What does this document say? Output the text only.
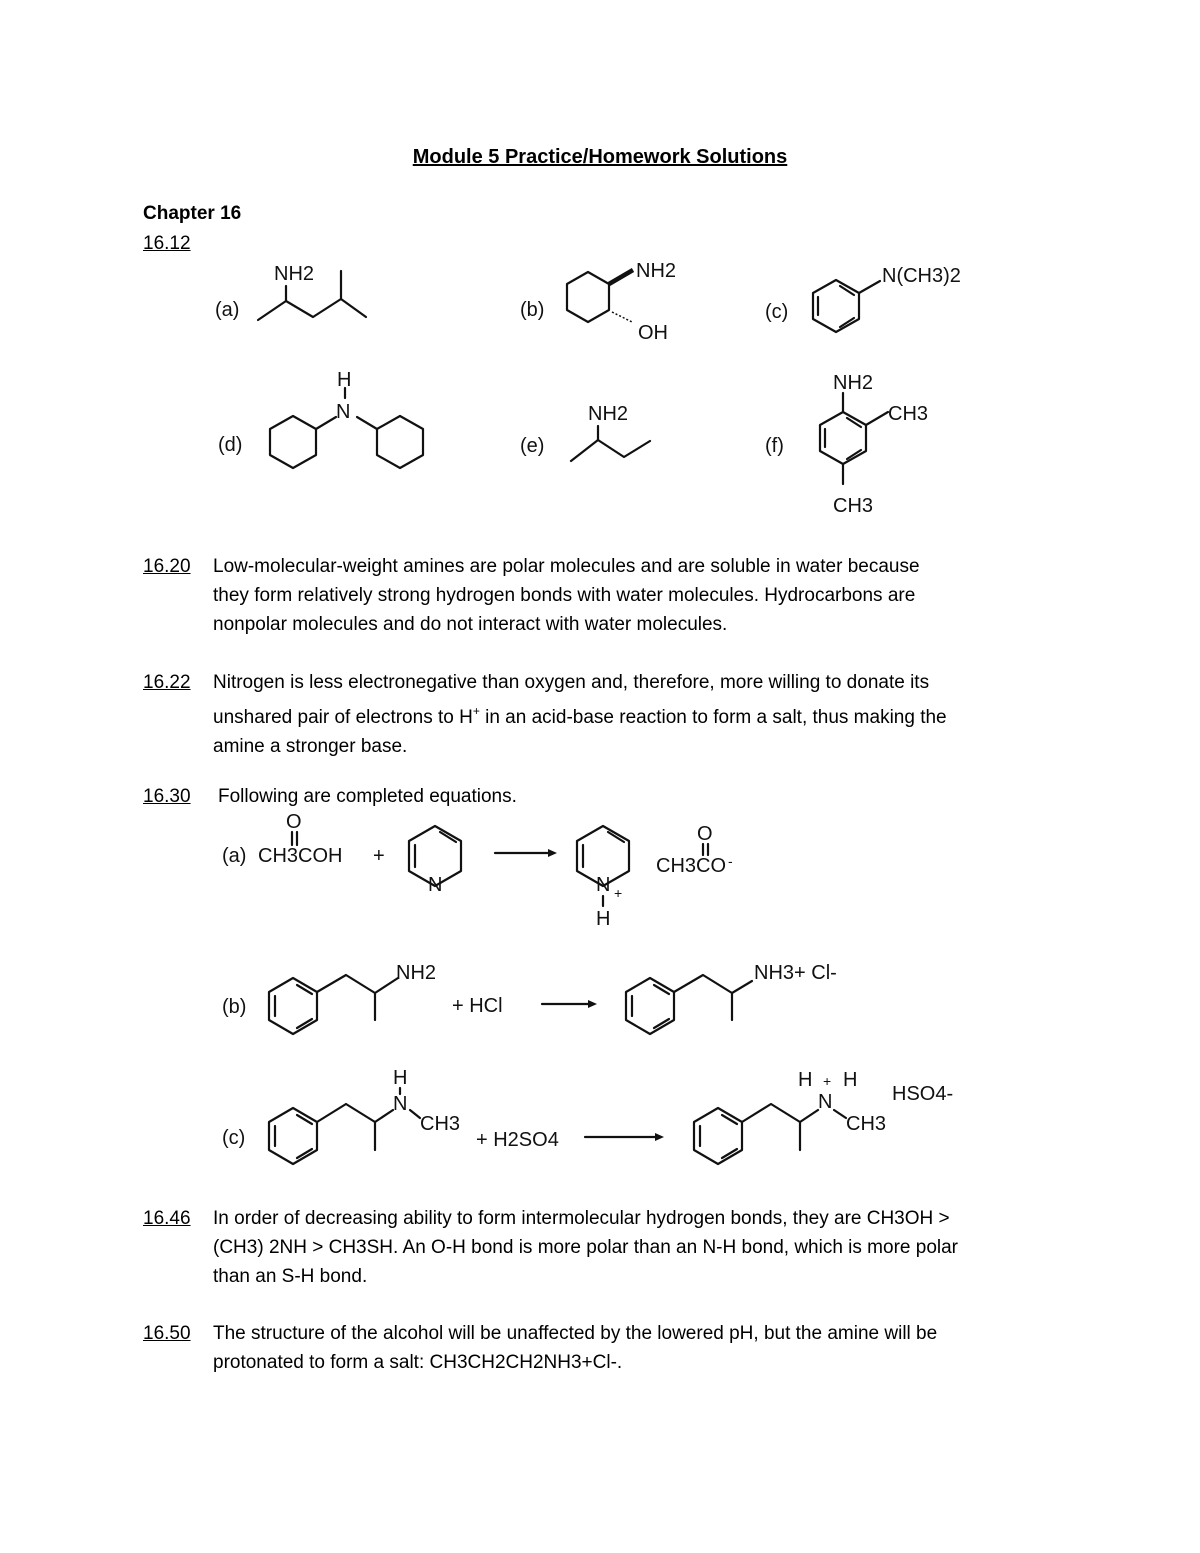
Module 5 Practice/Homework Solutions
Chapter 16
16.12
(a)
NH2
(b)
NH2
OH
(c)
N(CH3)2
(d)
N
H
(e)
NH2
(f)
NH2
CH3
CH3
16.20 Low-molecular-weight amines are polar molecules and are soluble in water because
they form relatively strong hydrogen bonds with water molecules. Hydrocarbons are
nonpolar molecules and do not interact with water molecules.
16.22 Nitrogen is less electronegative than oxygen and, therefore, more willing to donate its
unshared pair of electrons to H+ in an acid-base reaction to form a salt, thus making the
amine a stronger base.
16.30 Following are completed equations.
(a) CH3COH
O
+
N	N +
H
CH3CO -
O
(b)
NH2
+ HCl
NH3+ Cl-
(c)
N
H
CH3
+ H2SO4
N
H H
+
CH3
HSO4-
16.46 In order of decreasing ability to form intermolecular hydrogen bonds, they are CH3OH >
(CH3) 2NH > CH3SH. An O-H bond is more polar than an N-H bond, which is more polar
than an S-H bond.
16.50 The structure of the alcohol will be unaffected by the lowered pH, but the amine will be
protonated to form a salt: CH3CH2CH2NH3+Cl-.
